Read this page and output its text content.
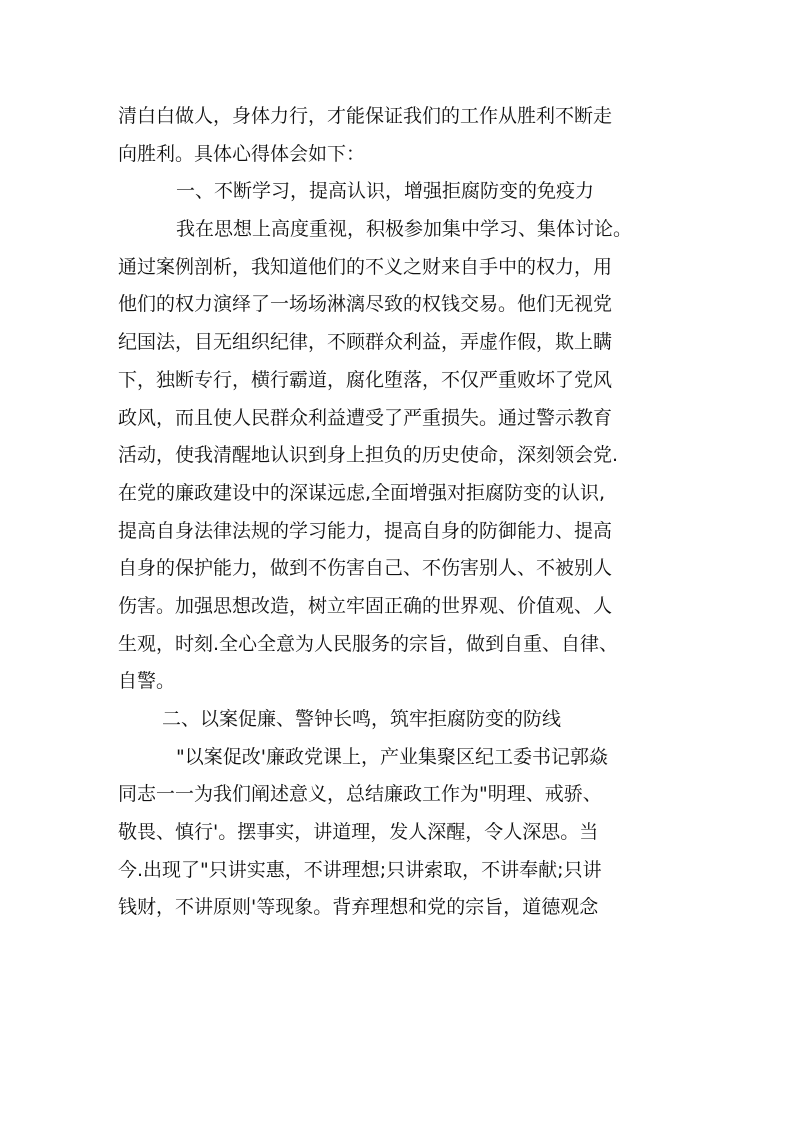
清白白做人，身体力行，才能保证我们的工作从胜利不断走
向胜利。具体心得体会如下：
一、不断学习，提高认识，增强拒腐防变的免疫力
我在思想上高度重视，积极参加集中学习、集体讨论。
通过案例剖析，我知道他们的不义之财来自手中的权力，用
他们的权力演绎了一场场淋漓尽致的权钱交易。他们无视党
纪国法，目无组织纪律，不顾群众利益，弄虚作假，欺上瞒
下，独断专行，横行霸道，腐化堕落，不仅严重败坏了党风
政风，而且使人民群众利益遭受了严重损失。通过警示教育
活动，使我清醒地认识到身上担负的历史使命，深刻领会党.
在党的廉政建设中的深谋远虑,全面增强对拒腐防变的认识,
提高自身法律法规的学习能力，提高自身的防御能力、提高
自身的保护能力，做到不伤害自己、不伤害别人、不被别人
伤害。加强思想改造，树立牢固正确的世界观、价值观、人
生观，时刻.全心全意为人民服务的宗旨，做到自重、自律、
自警。
二、以案促廉、警钟长鸣，筑牢拒腐防变的防线
"以案促改'廉政党课上，产业集聚区纪工委书记郭焱
同志一一为我们阐述意义，总结廉政工作为"明理、戒骄、
敬畏、慎行'。摆事实，讲道理，发人深醒，令人深思。当
今.出现了"只讲实惠，不讲理想;只讲索取，不讲奉献;只讲
钱财，不讲原则'等现象。背弃理想和党的宗旨，道德观念
